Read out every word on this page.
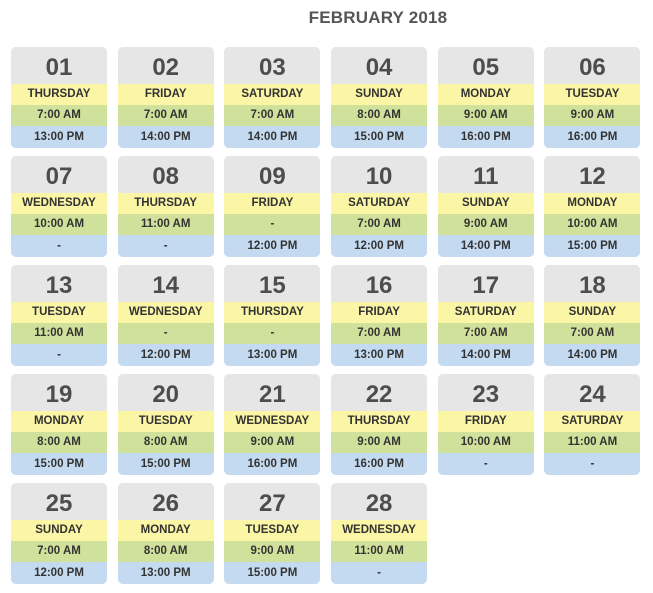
FEBRUARY 2018
01
THURSDAY
7:00 AM
13:00 PM
02
FRIDAY
7:00 AM
14:00 PM
03
SATURDAY
7:00 AM
14:00 PM
04
SUNDAY
8:00 AM
15:00 PM
05
MONDAY
9:00 AM
16:00 PM
06
TUESDAY
9:00 AM
16:00 PM
07
WEDNESDAY
10:00 AM
-
08
THURSDAY
11:00 AM
-
09
FRIDAY
-
12:00 PM
10
SATURDAY
7:00 AM
12:00 PM
11
SUNDAY
9:00 AM
14:00 PM
12
MONDAY
10:00 AM
15:00 PM
13
TUESDAY
11:00 AM
-
14
WEDNESDAY
-
12:00 PM
15
THURSDAY
-
13:00 PM
16
FRIDAY
7:00 AM
13:00 PM
17
SATURDAY
7:00 AM
14:00 PM
18
SUNDAY
7:00 AM
14:00 PM
19
MONDAY
8:00 AM
15:00 PM
20
TUESDAY
8:00 AM
15:00 PM
21
WEDNESDAY
9:00 AM
16:00 PM
22
THURSDAY
9:00 AM
16:00 PM
23
FRIDAY
10:00 AM
-
24
SATURDAY
11:00 AM
-
25
SUNDAY
7:00 AM
12:00 PM
26
MONDAY
8:00 AM
13:00 PM
27
TUESDAY
9:00 AM
15:00 PM
28
WEDNESDAY
11:00 AM
-
